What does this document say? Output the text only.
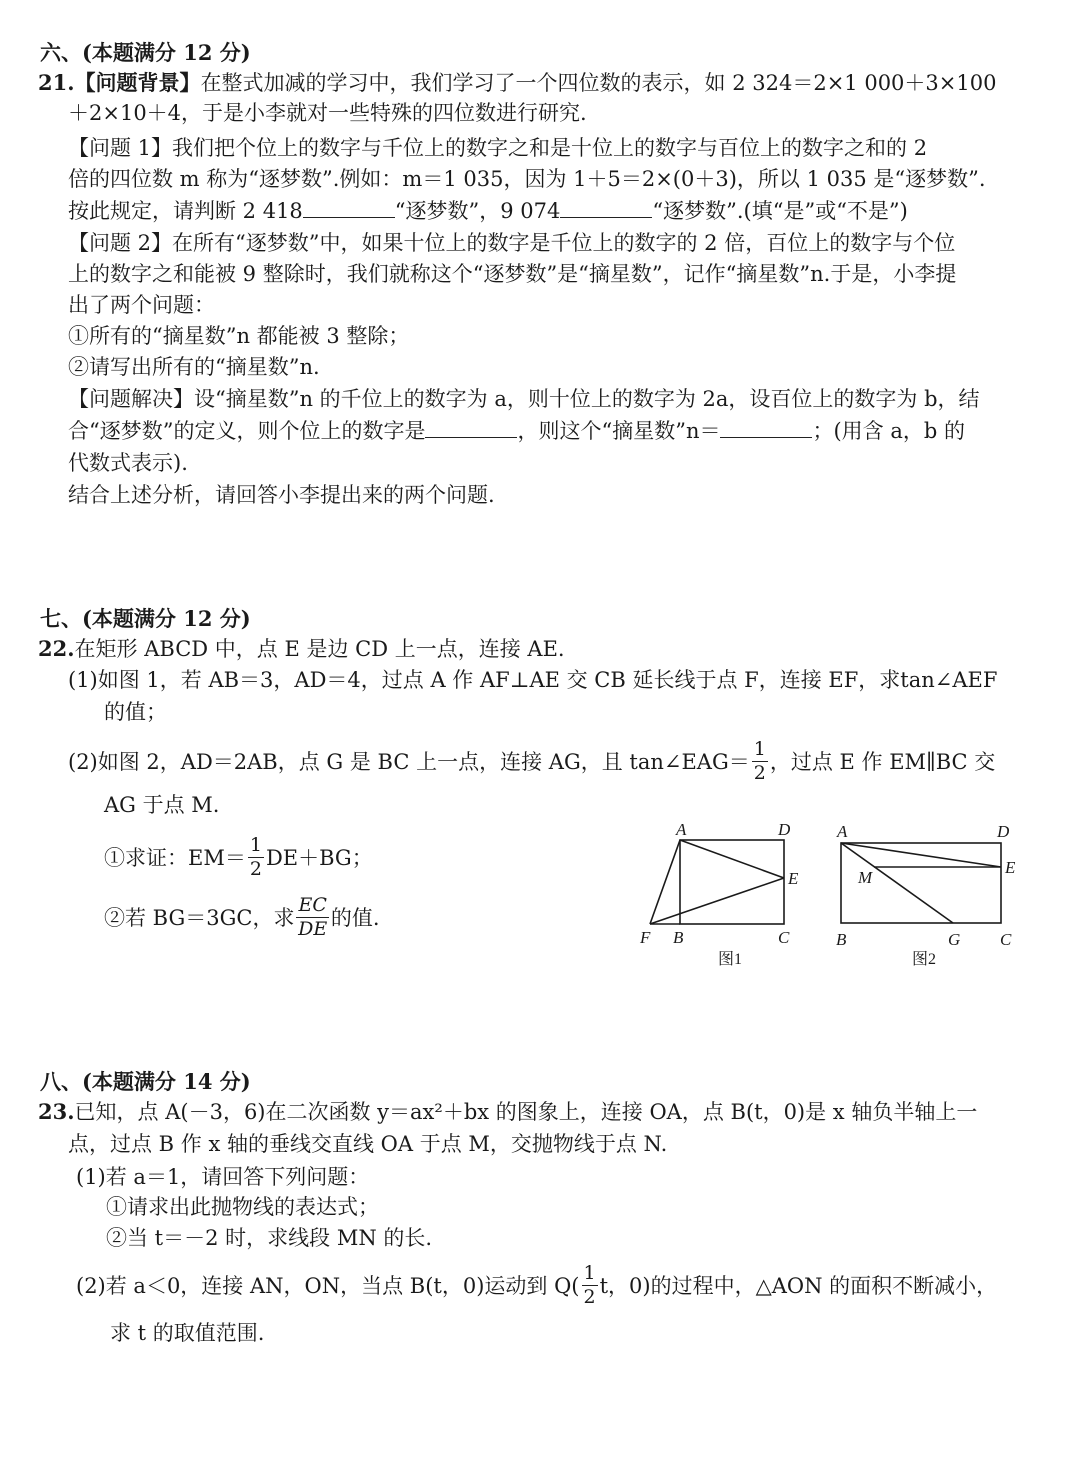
六、(本题满分 12 分)
21.【问题背景】在整式加减的学习中，我们学习了一个四位数的表示，如 2 324＝2×1 000＋3×100
＋2×10＋4，于是小李就对一些特殊的四位数进行研究.
【问题 1】我们把个位上的数字与千位上的数字之和是十位上的数字与百位上的数字之和的 2
倍的四位数 m 称为“逐梦数”.例如：m＝1 035，因为 1＋5＝2×(0＋3)，所以 1 035 是“逐梦数”.
按此规定，请判断 2 418	“逐梦数”，9 074	“逐梦数”.(填“是”或“不是”)
【问题 2】在所有“逐梦数”中，如果十位上的数字是千位上的数字的 2 倍，百位上的数字与个位
上的数字之和能被 9 整除时，我们就称这个“逐梦数”是“摘星数”，记作“摘星数”n.于是，小李提
出了两个问题：
①所有的“摘星数”n 都能被 3 整除；
②请写出所有的“摘星数”n.
【问题解决】设“摘星数”n 的千位上的数字为 a，则十位上的数字为 2a，设百位上的数字为 b，结
合“逐梦数”的定义，则个位上的数字是	，则这个“摘星数”n＝	；(用含 a，b 的
代数式表示).
结合上述分析，请回答小李提出来的两个问题.
七、(本题满分 12 分)
22.在矩形 ABCD 中，点 E 是边 CD 上一点，连接 AE.
(1)如图 1，若 AB＝3，AD＝4，过点 A 作 AF⊥AE 交 CB 延长线于点 F，连接 EF，求tan∠AEF
的值；
(2)如图 2，AD＝2AB，点 G 是 BC 上一点，连接 AG，且 tan∠EAG＝ $\frac{1}{2}$ ，过点 E 作 EM∥BC 交
AG 于点 M.
①求证：$EM= \frac{1}{2} DE+BG$；
②若 BG＝3GC，求 $\frac{EC}{DE}$ 的值.
A	D
E
F B	C
图1
A	D
E
M
B	G C
图2
八、(本题满分 14 分)
23.已知，点 A(－3，6)在二次函数 y＝ax²＋bx 的图象上，连接 OA，点 B(t，0)是 x 轴负半轴上一
点，过点 B 作 x 轴的垂线交直线 OA 于点 M，交抛物线于点 N.
(1)若 a＝1，请回答下列问题：
①请求出此抛物线的表达式；
②当 t＝－2 时，求线段 MN 的长.
(2)若 a＜0，连接 AN，ON，当点 B(t，0)运动到 $Q( \frac{1}{2}$ t，0)的过程中，△AON 的面积不断减小，
求 t 的取值范围.
